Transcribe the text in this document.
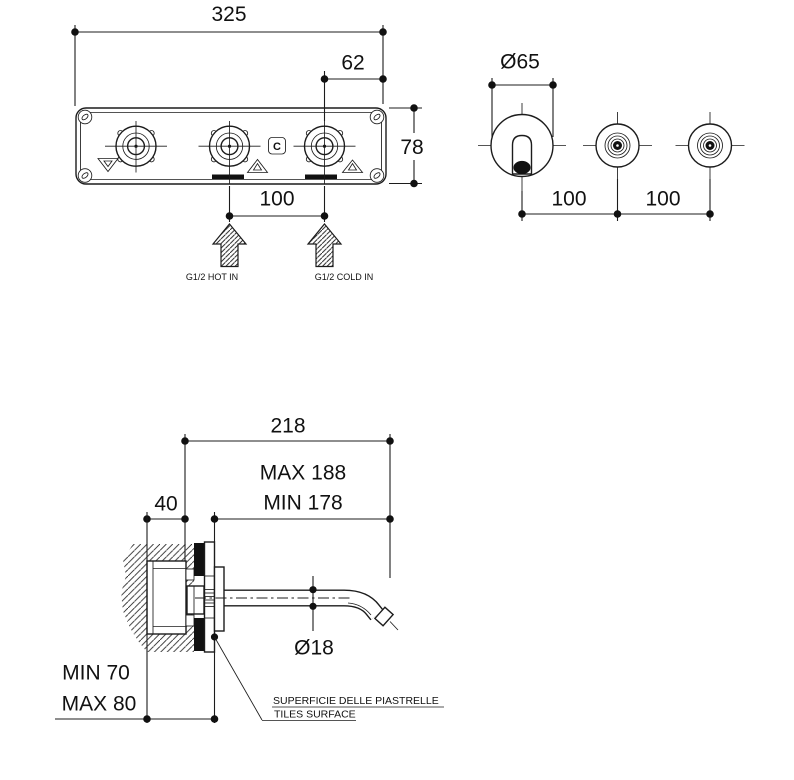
C
325
62
78
100
G1/2 HOT IN	G1/2 COLD IN
Ø65
100	100
218
MAX 188
MIN 178
40
Ø18
MIN 70
MAX 80	SUPERFICIE DELLE PIASTRELLE
TILES SURFACE
